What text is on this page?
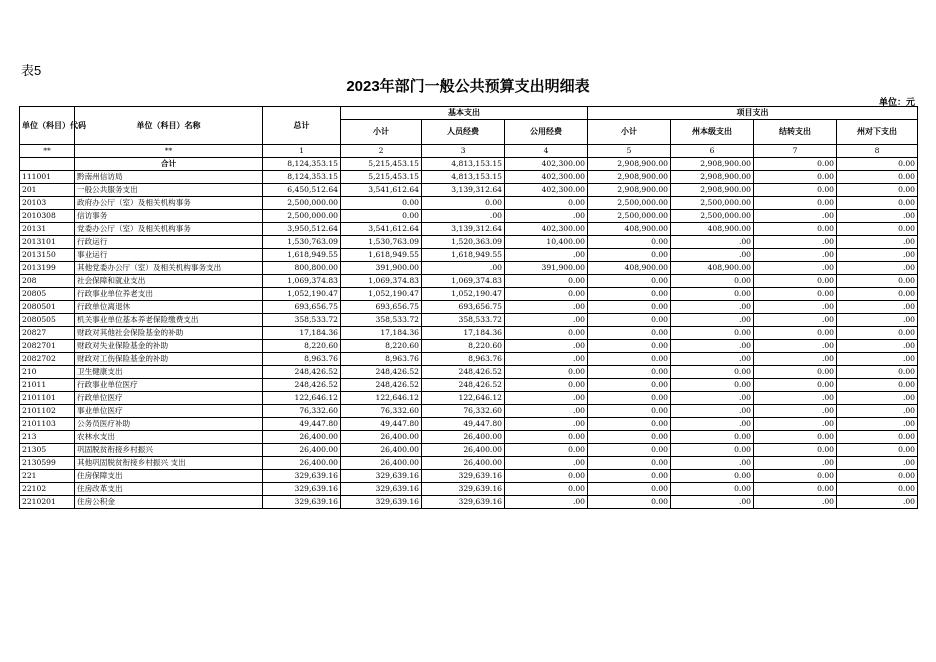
表5
2023年部门一般公共预算支出明细表
单位：元
单位（科目）代码	单位（科目）名称	总计	基本支出			项目支出			
			小计	人员经费	公用经费	小计	州本级支出	结转支出	州对下支出
**	**	1	2	3	4	5	6	7	8
	合计	8,124,353.15	5,215,453.15	4,813,153.15	402,300.00	2,908,900.00	2,908,900.00	0.00	0.00
111001	黔南州信访局	8,124,353.15	5,215,453.15	4,813,153.15	402,300.00	2,908,900.00	2,908,900.00	0.00	0.00
201	一般公共服务支出	6,450,512.64	3,541,612.64	3,139,312.64	402,300.00	2,908,900.00	2,908,900.00	0.00	0.00
20103	政府办公厅（室）及相关机构事务	2,500,000.00	0.00	0.00	0.00	2,500,000.00	2,500,000.00	0.00	0.00
2010308	信访事务	2,500,000.00	0.00	.00	.00	2,500,000.00	2,500,000.00	.00	.00
20131	党委办公厅（室）及相关机构事务	3,950,512.64	3,541,612.64	3,139,312.64	402,300.00	408,900.00	408,900.00	0.00	0.00
2013101	行政运行	1,530,763.09	1,530,763.09	1,520,363.09	10,400.00	0.00	.00	.00	.00
2013150	事业运行	1,618,949.55	1,618,949.55	1,618,949.55	.00	0.00	.00	.00	.00
2013199	其他党委办公厅（室）及相关机构事务支出	800,800.00	391,900.00	.00	391,900.00	408,900.00	408,900.00	.00	.00
208	社会保障和就业支出	1,069,374.83	1,069,374.83	1,069,374.83	0.00	0.00	0.00	0.00	0.00
20805	行政事业单位养老支出	1,052,190.47	1,052,190.47	1,052,190.47	0.00	0.00	0.00	0.00	0.00
2080501	行政单位离退休	693,656.75	693,656.75	693,656.75	.00	0.00	.00	.00	.00
2080505	机关事业单位基本养老保险缴费支出	358,533.72	358,533.72	358,533.72	.00	0.00	.00	.00	.00
20827	财政对其他社会保险基金的补助	17,184.36	17,184.36	17,184.36	0.00	0.00	0.00	0.00	0.00
2082701	财政对失业保险基金的补助	8,220.60	8,220.60	8,220.60	.00	0.00	.00	.00	.00
2082702	财政对工伤保险基金的补助	8,963.76	8,963.76	8,963.76	.00	0.00	.00	.00	.00
210	卫生健康支出	248,426.52	248,426.52	248,426.52	0.00	0.00	0.00	0.00	0.00
21011	行政事业单位医疗	248,426.52	248,426.52	248,426.52	0.00	0.00	0.00	0.00	0.00
2101101	行政单位医疗	122,646.12	122,646.12	122,646.12	.00	0.00	.00	.00	.00
2101102	事业单位医疗	76,332.60	76,332.60	76,332.60	.00	0.00	.00	.00	.00
2101103	公务员医疗补助	49,447.80	49,447.80	49,447.80	.00	0.00	.00	.00	.00
213	农林水支出	26,400.00	26,400.00	26,400.00	0.00	0.00	0.00	0.00	0.00
21305	巩固脱贫衔接乡村振兴	26,400.00	26,400.00	26,400.00	0.00	0.00	0.00	0.00	0.00
2130599	其他巩固脱贫衔接乡村振兴 支出	26,400.00	26,400.00	26,400.00	.00	0.00	.00	.00	.00
221	住房保障支出	329,639.16	329,639.16	329,639.16	0.00	0.00	0.00	0.00	0.00
22102	住房改革支出	329,639.16	329,639.16	329,639.16	0.00	0.00	0.00	0.00	0.00
2210201	住房公积金	329,639.16	329,639.16	329,639.16	.00	0.00	.00	.00	.00
